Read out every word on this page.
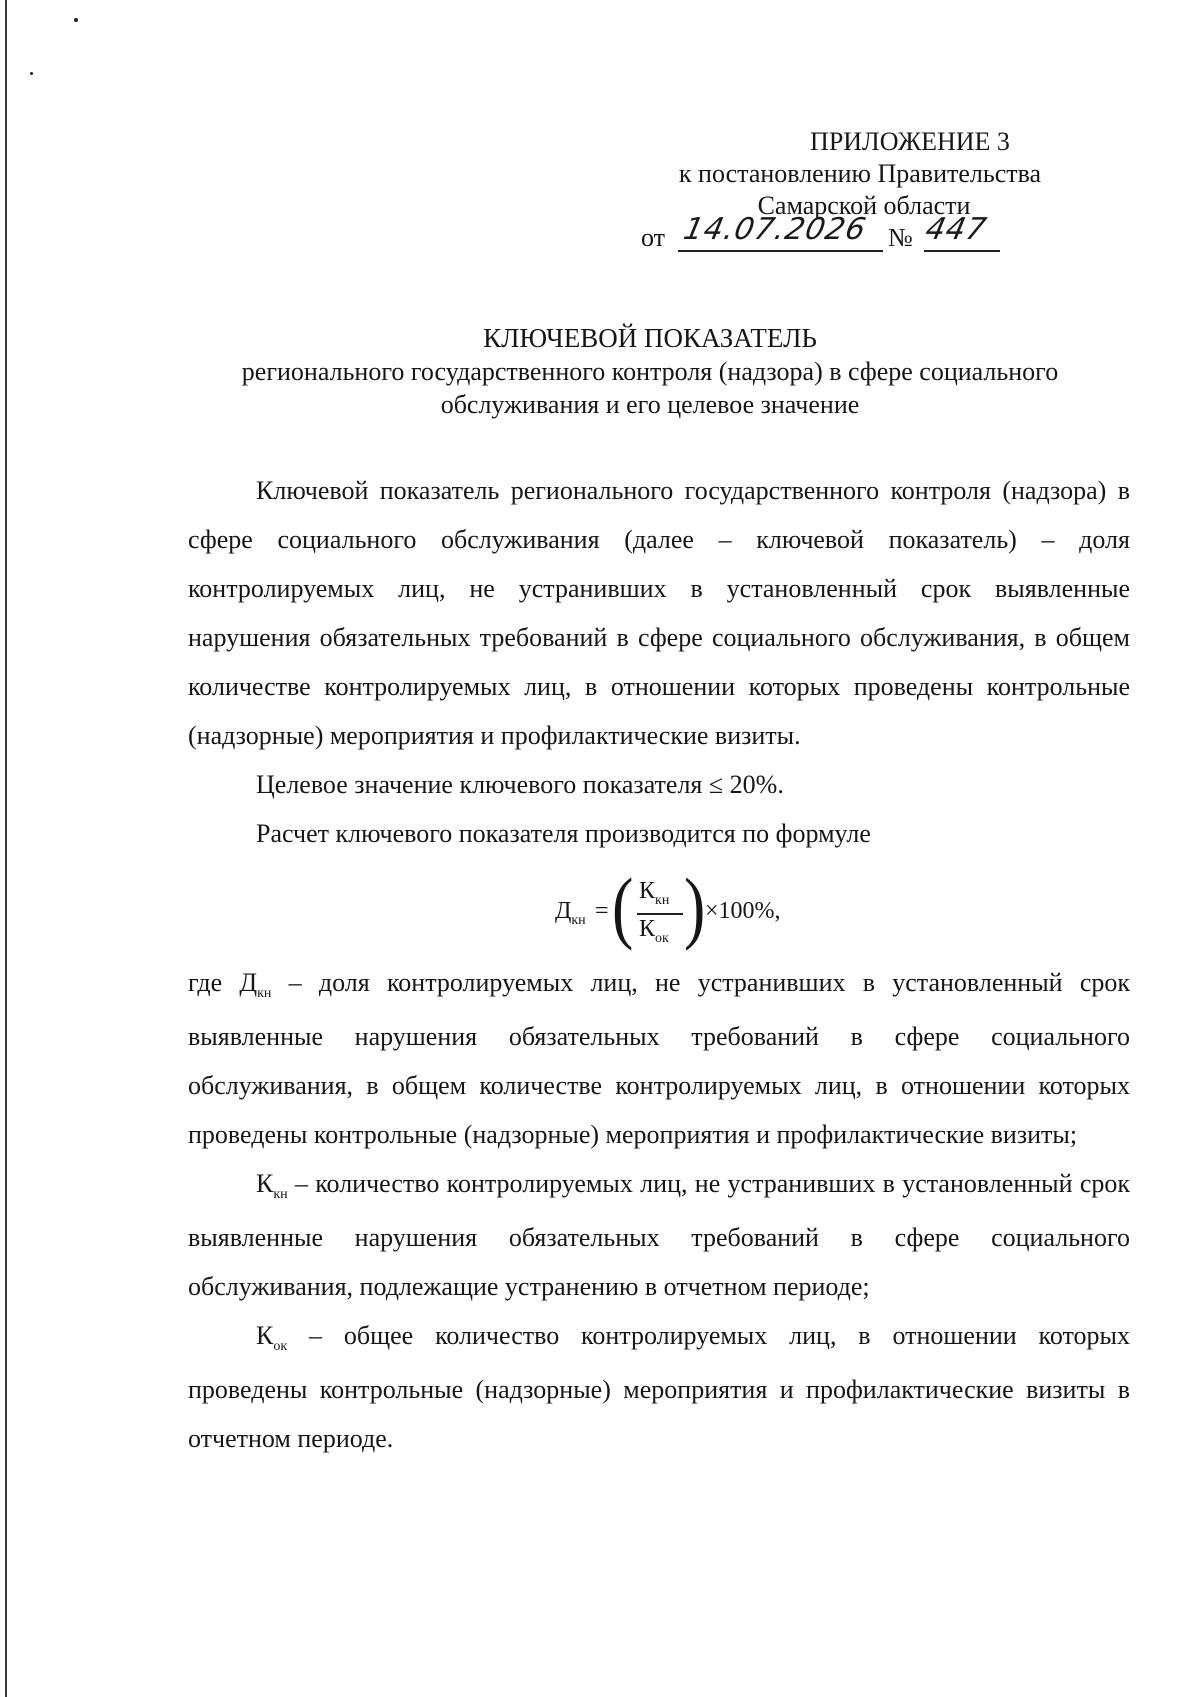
ПРИЛОЖЕНИЕ 3
к постановлению Правительства
Самарской области
от 14.07.2026 № 447
КЛЮЧЕВОЙ ПОКАЗАТЕЛЬ
регионального государственного контроля (надзора) в сфере социального
обслуживания и его целевое значение

Ключевой показатель регионального государственного контроля (надзора) в сфере социального обслуживания (далее – ключевой показатель) – доля контролируемых лиц, не устранивших в установленный срок выявленные нарушения обязательных требований в сфере социального обслуживания, в общем количестве контролируемых лиц, в отношении которых проведены контрольные (надзорные) мероприятия и профилактические визиты.

Целевое значение ключевого показателя ≤ 20%.

Расчет ключевого показателя производится по формуле

$Д_{кн}$ = ( $К_{кн}$
$К_{ок}$ ) ×100%,

где $Д_{кн}$ – доля контролируемых лиц, не устранивших в установленный срок выявленные нарушения обязательных требований в сфере социального обслуживания, в общем количестве контролируемых лиц, в отношении которых проведены контрольные (надзорные) мероприятия и профилактические визиты;

$К_{кн}$ – количество контролируемых лиц, не устранивших в установленный срок выявленные нарушения обязательных требований в сфере социального обслуживания, подлежащие устранению в отчетном периоде;

$К_{ок}$ – общее количество контролируемых лиц, в отношении которых проведены контрольные (надзорные) мероприятия и профилактические визиты в отчетном периоде.
